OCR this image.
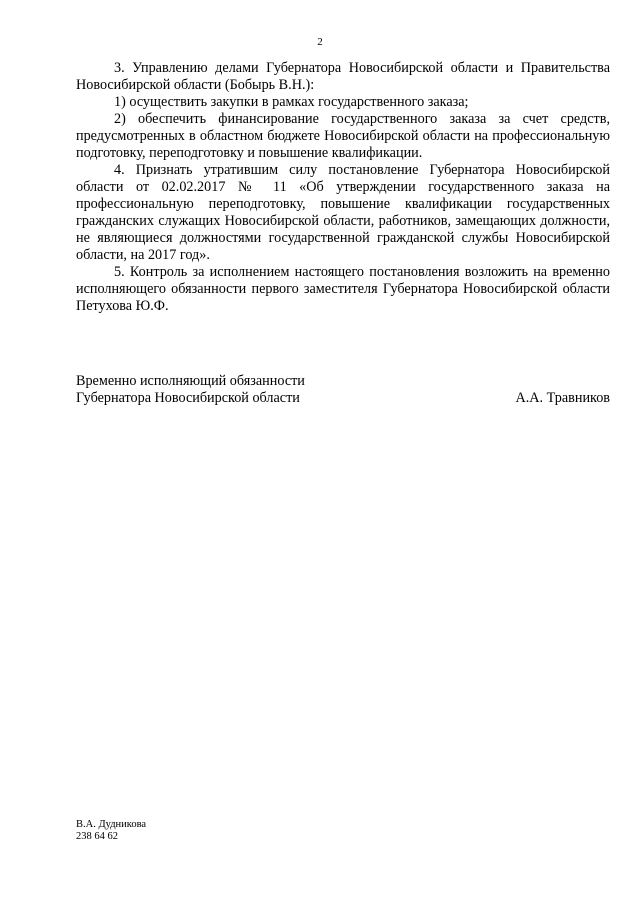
2

3. Управлению делами Губернатора Новосибирской области и Правительства Новосибирской области (Бобырь В.Н.):

1) осуществить закупки в рамках государственного заказа;

2) обеспечить финансирование государственного заказа за счет средств, предусмотренных в областном бюджете Новосибирской области на профессиональную подготовку, переподготовку и повышение квалификации.

4. Признать утратившим силу постановление Губернатора Новосибирской области от 02.02.2017 № 11 «Об утверждении государственного заказа на профессиональную переподготовку, повышение квалификации государственных гражданских служащих Новосибирской области, работников, замещающих должности, не являющиеся должностями государственной гражданской службы Новосибирской области, на 2017 год».

5. Контроль за исполнением настоящего постановления возложить на временно исполняющего обязанности первого заместителя Губернатора Новосибирской области Петухова Ю.Ф.

Временно исполняющий обязанности
Губернатора Новосибирской области	А.А. Травников
В.А. Дудникова
238 64 62
